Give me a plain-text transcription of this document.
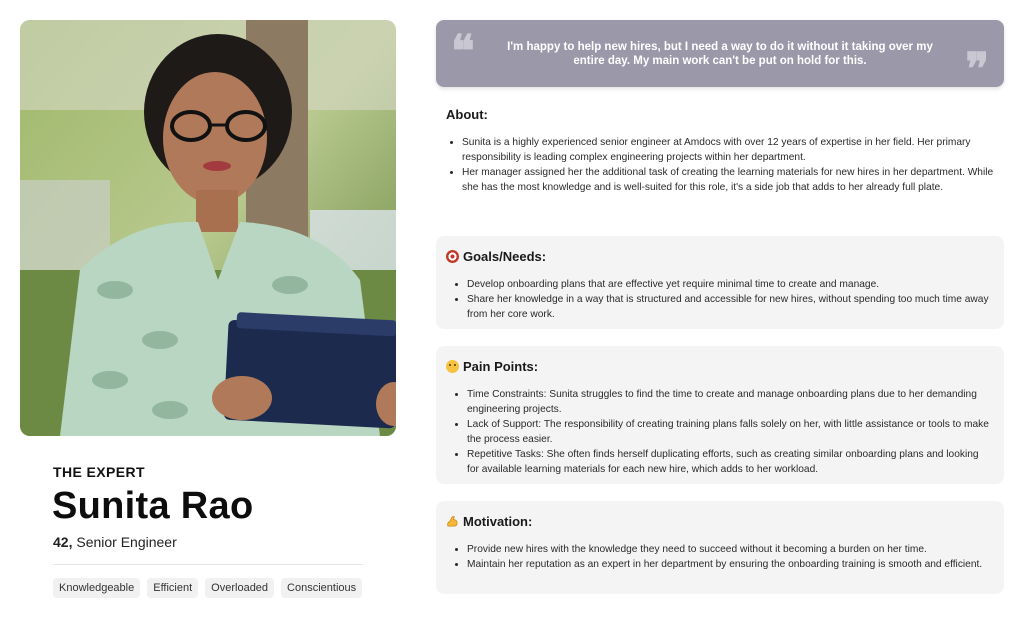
THE EXPERT
Sunita Rao
42, Senior Engineer
Knowledgeable	Efficient	Overloaded	Conscientious
❝	I'm happy to help new hires, but I need a way to do it without it taking over my entire day. My main work can't be put on hold for this.	❞
About:
• Sunita is a highly experienced senior engineer at Amdocs with over 12 years of expertise in her field. Her primary responsibility is leading complex engineering projects within her department.
• Her manager assigned her the additional task of creating the learning materials for new hires in her department. While she has the most knowledge and is well-suited for this role, it's a side job that adds to her already full plate.
Goals/Needs:
• Develop onboarding plans that are effective yet require minimal time to create and manage.
• Share her knowledge in a way that is structured and accessible for new hires, without spending too much time away from her core work.
Pain Points:
• Time Constraints: Sunita struggles to find the time to create and manage onboarding plans due to her demanding engineering projects.
• Lack of Support: The responsibility of creating training plans falls solely on her, with little assistance or tools to make the process easier.
• Repetitive Tasks: She often finds herself duplicating efforts, such as creating similar onboarding plans and looking for available learning materials for each new hire, which adds to her workload.
Motivation:
• Provide new hires with the knowledge they need to succeed without it becoming a burden on her time.
• Maintain her reputation as an expert in her department by ensuring the onboarding training is smooth and efficient.
